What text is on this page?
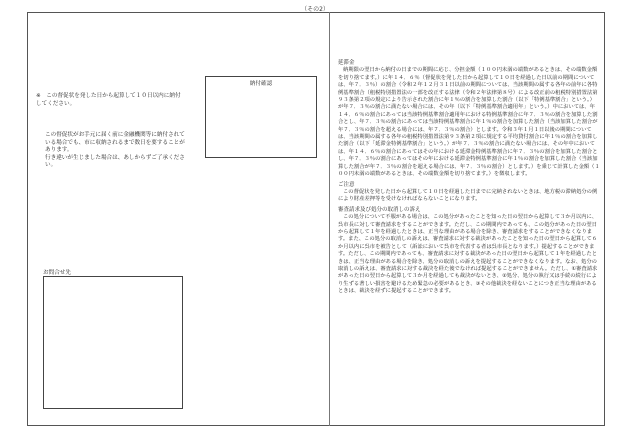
（その2）
※　この督促状を発した日から起算して１０日以内に納付してください。

この督促状がお手元に届く前に金融機関等に納付されている場合でも、市に収納されるまで数日を要することがあります。

行き違いが生じました場合は、あしからずご了承ください。

納付確認
お問合せ先
延滞金

納期限の翌日から納付の日までの期間に応じ、分担金額（１００円未満の端数があるときは、その端数金額を切り捨てます。）に年１４．６％（督促状を発した日から起算して１０日を経過した日以前の期間については、年７．３％）の割合（令和２年１２月３１日以前の期間については、当該期間の属する各年の前年に各特例基準割合（租税特別措置法の一部を改正する法律（令和２年法律第８号）による改正前の租税特別措置法第９３条第２項の規定により告示された割合に年１％の割合を加算した割合（以下「特例基準割合」という。）が年７．３％の割合に満たない場合には、その年（以下「特例基準割合適用年」という。）中においては、年１４．６％の割合にあっては当該特例基準割合適用年における特例基準割合に年７．３％の割合を加算した割合とし、年７．３％の割合にあっては当該特例基準割合に年１％の割合を加算した割合（当該加算した割合が年７．３％の割合を超える場合には、年７．３％の割合）とします。令和３年１月１日以後の期間については、当該期間の属する各年の租税特別措置法第９３条第２項に規定する平均貸付割合に年１％の割合を加算した割合（以下「延滞金特例基準割合」という。）が年７．３％の割合に満たない場合には、その年中においては、年１４．６％の割合にあってはその年における延滞金特例基準割合に年７．３％の割合を加算した割合とし、年７．３％の割合にあってはその年における延滞金特例基準割合に年１％の割合を加算した割合（当該加算した割合が年７．３％の割合を超える場合には、年７．３％の割合）とします。）を乗じて計算した金額（１００円未満の端数があるときは、その端数金額を切り捨てます。）を徴収します。

ご注意

この督促状を発した日から起算して１０日を経過した日までに完納されないときは、地方税の滞納処分の例により財産差押等を受けなければならないことになります。

審査請求及び処分の取消しの訴え

この処分について不服がある場合は、この処分があったことを知った日の翌日から起算して３か月以内に、呉市長に対して審査請求をすることができます。ただし、この期間内であっても、この処分があった日の翌日から起算して１年を経過したときは、正当な理由がある場合を除き、審査請求をすることができなくなります。また、この処分の取消しの訴えは、審査請求に対する裁決があったことを知った日の翌日から起算して６か月以内に呉市を被告として（訴訟において呉市を代表する者は呉市長となります。）提起することができます。ただし、この期間内であっても、審査請求に対する裁決があった日の翌日から起算して１年を経過したときは、正当な理由がある場合を除き、処分の取消しの訴えを提起することができなくなります。なお、処分の取消しの訴えは、審査請求に対する裁決を経た後でなければ提起することができません。ただし、①審査請求があった日の翌日から起算して３か月を経過しても裁決がないとき、②処分、処分の執行又は手続の続行により生ずる著しい損害を避けるため緊急の必要があるとき、③その他裁決を経ないことにつき正当な理由があるときは、裁決を経ずに提起することができます。
